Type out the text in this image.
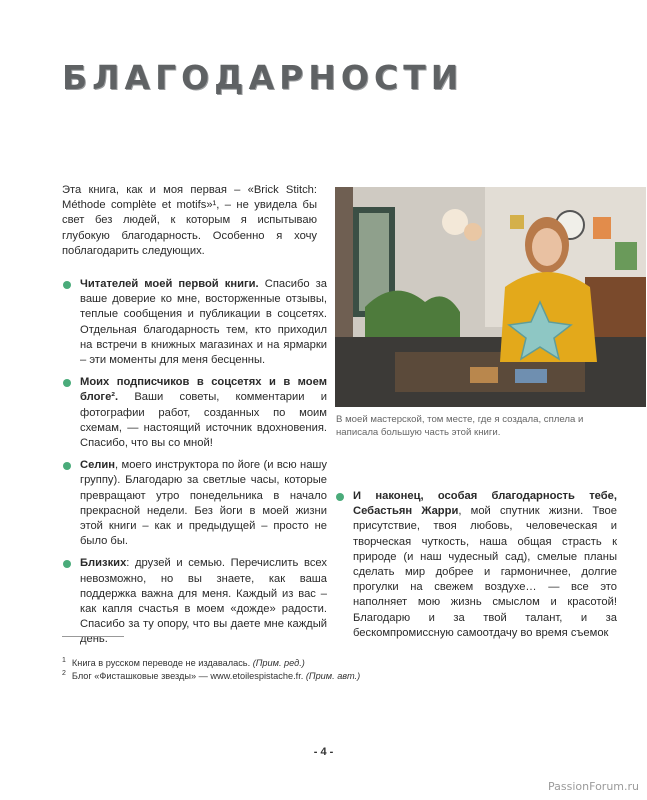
БЛАГОДАРНОСТИ

Эта книга, как и моя первая – «Brick Stitch: Méthode complète et motifs»¹, – не увидела бы свет без людей, к которым я испытываю глубокую благодарность. Особенно я хочу поблагодарить следующих.

Читателей моей первой книги. Спасибо за ваше доверие ко мне, восторженные отзывы, теплые сообщения и публикации в соцсетях. Отдельная благодарность тем, кто приходил на встречи в книжных магазинах и на ярмарки – эти моменты для меня бесценны.
Моих подписчиков в соцсетях и в моем блоге². Ваши советы, комментарии и фотографии работ, созданных по моим схемам, — настоящий источник вдохновения. Спасибо, что вы со мной!
Селин, моего инструктора по йоге (и всю нашу группу). Благодарю за светлые часы, которые превращают утро понедельника в начало прекрасной недели. Без йоги в моей жизни этой книги – как и предыдущей – просто не было бы.
Близких: друзей и семью. Перечислить всех невозможно, но вы знаете, как ваша поддержка важна для меня. Каждый из вас – как капля счастья в моем «дождe» радости. Спасибо за ту опору, что вы даете мне каждый день.

В моей мастерской, том месте, где я создала, сплела и написала большую часть этой книги.

И наконец, особая благодарность тебе, Себастьян Жарри, мой спутник жизни. Твое присутствие, твоя любовь, человеческая и творческая чуткость, наша общая страсть к природе (и наш чудесный сад), смелые планы сделать мир добрее и гармоничнее, долгие прогулки на свежем воздухе… — все это наполняет мою жизнь смыслом и красотой! Благодарю и за твой талант, и за бескомпромиссную самоотдачу во время съемок

$^1$ Книга в русском переводе не издавалась. (Прим. ред.)

$^2$ Блог «Фисташковые звезды» — www.etoilespistache.fr. (Прим. авт.)

- 4 -
PassionForum.ru
